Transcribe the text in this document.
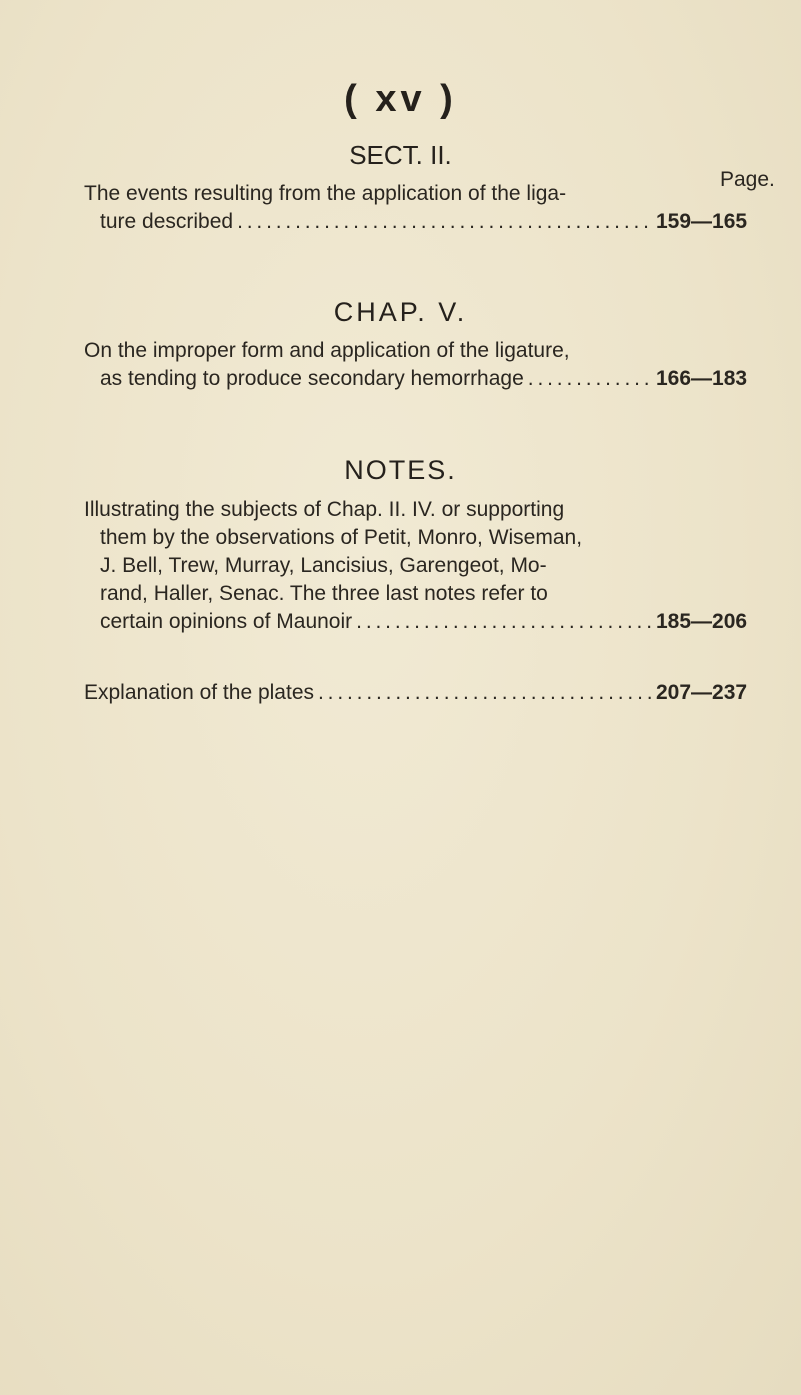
( xv )
SECT. II.
Page.
The events resulting from the application of the liga-
ture described . . .	159—165
CHAP. V.
On the improper form and application of the ligature,
as tending to produce secondary hemorrhage . . .	166—183
NOTES.
Illustrating the subjects of Chap. II. IV. or supporting
them by the observations of Petit, Monro, Wiseman,
J. Bell, Trew, Murray, Lancisius, Garengeot, Mo-
rand, Haller, Senac. The three last notes refer to
certain opinions of Maunoir . . .	185—206
Explanation of the plates . . .	207—237
